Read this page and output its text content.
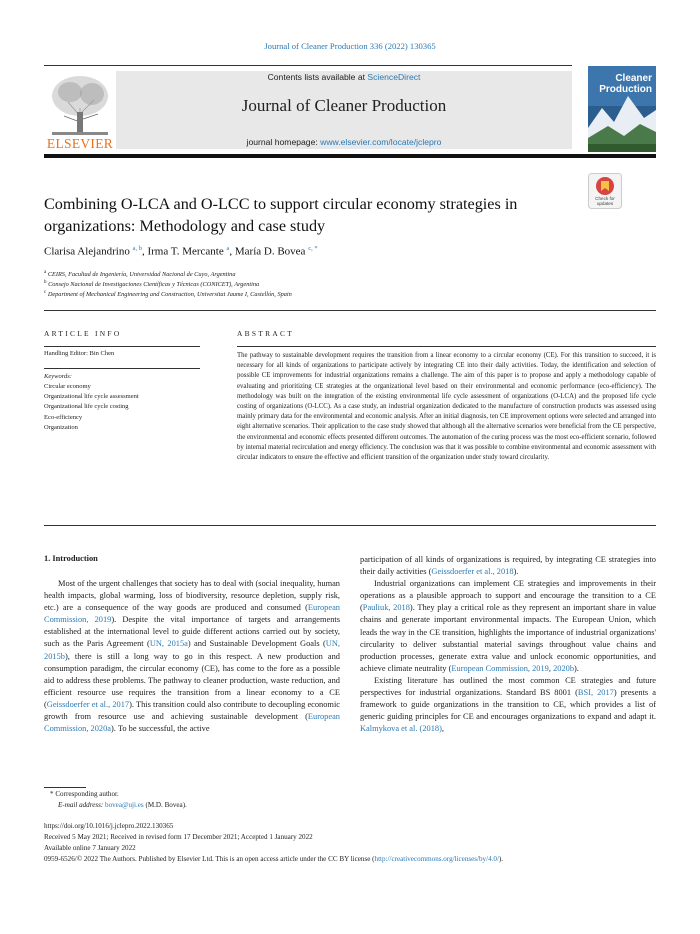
Journal of Cleaner Production 336 (2022) 130365
Contents lists available at ScienceDirect
Journal of Cleaner Production
journal homepage: www.elsevier.com/locate/jclepro
ELSEVIER
Cleaner
Production
Check for
updates
Combining O-LCA and O-LCC to support circular economy strategies in organizations: Methodology and case study
Clarisa Alejandrino $^{a, b}$, Irma T. Mercante $^a$, María D. Bovea $^{c, *}$
$^a$ CEIRS, Facultad de Ingeniería, Universidad Nacional de Cuyo, Argentina
$^b$ Consejo Nacional de Investigaciones Científicas y Técnicas (CONICET), Argentina
$^c$ Department of Mechanical Engineering and Construction, Universitat Jaume I, Castellón, Spain
ARTICLE INFO
Handling Editor: Bin Chen
Keywords:
Circular economy
Organizational life cycle assessment
Organizational life cycle costing
Eco-efficiency
Organization
ABSTRACT
The pathway to sustainable development requires the transition from a linear economy to a circular economy (CE). For this transition to succeed, it is necessary for all kinds of organizations to participate actively by integrating CE into their daily activities. Today, the identification and selection of possible CE improvements for industrial organizations remains a challenge. The aim of this paper is to propose and apply a methodology capable of evaluating and prioritizing CE strategies at the organizational level based on their environmental and economic performance (eco-efficiency). The methodology was built on the integration of the existing environmental life cycle assessment of organizations (O-LCA) and the proposed life cycle costing of organizations (O-LCC). As a case study, an industrial organization dedicated to the manufacture of construction products was assessed using mainly primary data for the environmental and economic analysis. After an initial diagnosis, ten CE improvement options were selected and arranged into eight alternative scenarios. Their application to the case study showed that although all the alternative scenarios were beneficial from the CE perspective, the environmental and economic effects presented different outcomes. The automation of the curing process was the most eco-efficient scenario, followed by internal material recirculation and energy efficiency. The conclusion was that it was possible to combine environmental and economic assessment with circular indicators to ensure the effective and efficient transition of the organization under study toward circularity.
1. Introduction

Most of the urgent challenges that society has to deal with (social inequality, human health impacts, global warming, loss of biodiversity, resource depletion, supply risk, etc.) are a consequence of the way goods are produced and consumed (European Commission, 2019). Despite the vital importance of targets and arrangements established at the international level to guide different actions carried out by society, such as the Paris Agreement (UN, 2015a) and Sustainable Development Goals (UN, 2015b), there is still a long way to go in this respect. A new production and consumption paradigm, the circular economy (CE), has come to the fore as a possible aid to address these problems. The pathway to cleaner production, waste reduction, and efficient resource use requires the transition from a linear economy to a CE (Geissdoerfer et al., 2017). This transition could also contribute to decoupling economic growth from resource use and achieving sustainable development (European Commission, 2020a). To be successful, the active

participation of all kinds of organizations is required, by integrating CE strategies into their daily activities (Geissdoerfer et al., 2018).

Industrial organizations can implement CE strategies and improvements in their operations as a plausible approach to support and encourage the transition to a CE (Pauliuk, 2018). They play a critical role as they represent an important share in value chains and generate important environmental impacts. The European Union, which leads the way in the CE transition, highlights the importance of industrial organizations' circularity to deliver substantial material savings throughout value chains and production processes, generate extra value and unlock economic opportunities, and achieve climate neutrality (European Commission, 2019, 2020b).

Existing literature has outlined the most common CE strategies and future perspectives for industrial organizations. Standard BS 8001 (BSI, 2017) presents a framework to guide organizations in the transition to CE, which provides a list of generic guiding principles for CE and encourages organizations to expand and adapt it. Kalmykova et al. (2018),

* Corresponding author.
E-mail address: bovea@uji.es (M.D. Bovea).
https://doi.org/10.1016/j.jclepro.2022.130365
Received 5 May 2021; Received in revised form 17 December 2021; Accepted 1 January 2022
Available online 7 January 2022
0959-6526/© 2022 The Authors. Published by Elsevier Ltd. This is an open access article under the CC BY license (http://creativecommons.org/licenses/by/4.0/).
